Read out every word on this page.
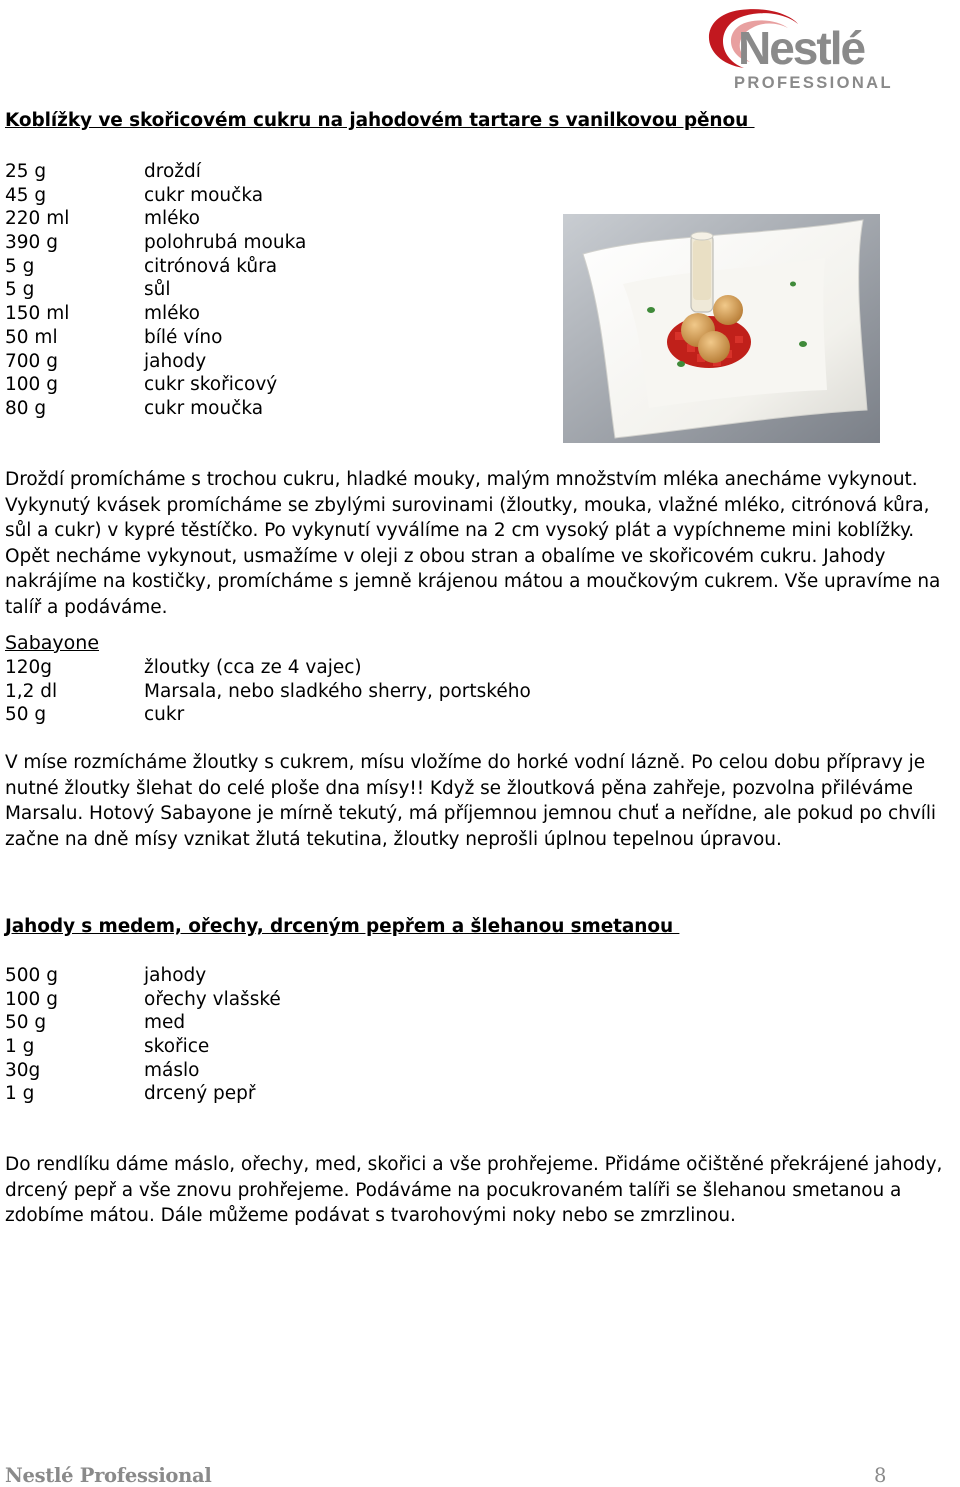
Nestlé
PROFESSIONAL
Koblížky ve skořicovém cukru na jahodovém tartare s vanilkovou pěnou
25 g	droždí
45 g	cukr moučka
220 ml	mléko
390 g	polohrubá mouka
5 g	citrónová kůra
5 g	sůl
150 ml	mléko
50 ml	bílé víno
700 g	jahody
100 g	cukr skořicový
80 g	cukr moučka
Droždí promícháme s trochou cukru, hladké mouky, malým množstvím mléka anecháme vykynout. Vykynutý kvásek promícháme se zbylými surovinami (žloutky, mouka, vlažné mléko, citrónová kůra, sůl a cukr) v kypré těstíčko. Po vykynutí vyválíme na 2 cm vysoký plát a vypíchneme mini koblížky. Opět necháme vykynout, usmažíme v oleji z obou stran a obalíme ve skořicovém cukru. Jahody nakrájíme na kostičky, promícháme s jemně krájenou mátou a moučkovým cukrem. Vše upravíme na talíř a podáváme.
Sabayone
120g	žloutky (cca ze 4 vajec)
1,2 dl	Marsala, nebo sladkého sherry, portského
50 g	cukr
V míse rozmícháme žloutky s cukrem, mísu vložíme do horké vodní lázně. Po celou dobu přípravy je nutné žloutky šlehat do celé ploše dna mísy!! Když se žloutková pěna zahřeje, pozvolna přiléváme Marsalu. Hotový Sabayone je mírně tekutý, má příjemnou jemnou chuť a neřídne, ale pokud po chvíli začne na dně mísy vznikat žlutá tekutina, žloutky neprošli úplnou tepelnou úpravou.
Jahody s medem, ořechy, drceným pepřem a šlehanou smetanou
500 g	jahody
100 g	ořechy vlašské
50 g	med
1 g	skořice
30g	máslo
1 g	drcený pepř
Do rendlíku dáme máslo, ořechy, med, skořici a vše prohřejeme. Přidáme očištěné překrájené jahody, drcený pepř a vše znovu prohřejeme. Podáváme na pocukrovaném talíři se šlehanou smetanou a zdobíme mátou. Dále můžeme podávat s tvarohovými noky nebo se zmrzlinou.
Nestlé Professional	8
